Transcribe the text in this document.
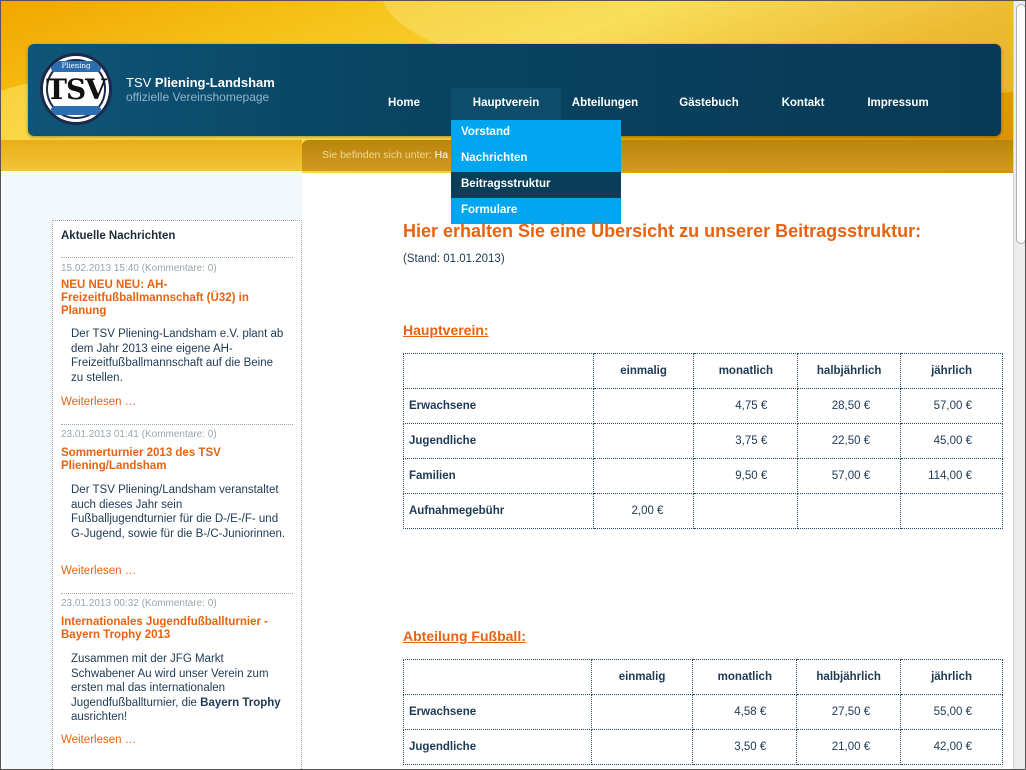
Pliening
TSV TSV Pliening-Landsham
offizielle Vereinshomepage	Home	Hauptverein	Abteilungen	Gästebuch	Kontakt	Impressum
Sie befinden sich unter: Ha
Vorstand
Nachrichten
Beitragsstruktur
Formulare
Aktuelle Nachrichten
15.02.2013 15:40 (Kommentare: 0)
NEU NEU NEU: AH-Freizeitfußballmannschaft (Ü32) in Planung
Der TSV Pliening-Landsham e.V. plant ab dem Jahr 2013 eine eigene AH-Freizeitfußballmannschaft auf die Beine zu stellen.
Weiterlesen …
23.01.2013 01:41 (Kommentare: 0)
Sommerturnier 2013 des TSV Pliening/Landsham
Der TSV Pliening/Landsham veranstaltet auch dieses Jahr sein Fußballjugendturnier für die D-/E-/F- und G-Jugend, sowie für die B-/C-Juniorinnen.
Weiterlesen …
23.01.2013 00:32 (Kommentare: 0)
Internationales Jugendfußballturnier - Bayern Trophy 2013
Zusammen mit der JFG Markt Schwabener Au wird unser Verein zum ersten mal das internationalen Jugendfußballturnier, die Bayern Trophy ausrichten!
Weiterlesen …
Hier erhalten Sie eine Übersicht zu unserer Beitragsstruktur:
(Stand: 01.01.2013)
Hauptverein:
	einmalig	monatlich	halbjährlich	jährlich
Erwachsene		4,75 €	28,50 €	57,00 €
Jugendliche		3,75 €	22,50 €	45,00 €
Familien		9,50 €	57,00 €	114,00 €
Aufnahmegebühr	2,00 €			
Abteilung Fußball:
	einmalig	monatlich	halbjährlich	jährlich
Erwachsene		4,58 €	27,50 €	55,00 €
Jugendliche		3,50 €	21,00 €	42,00 €
